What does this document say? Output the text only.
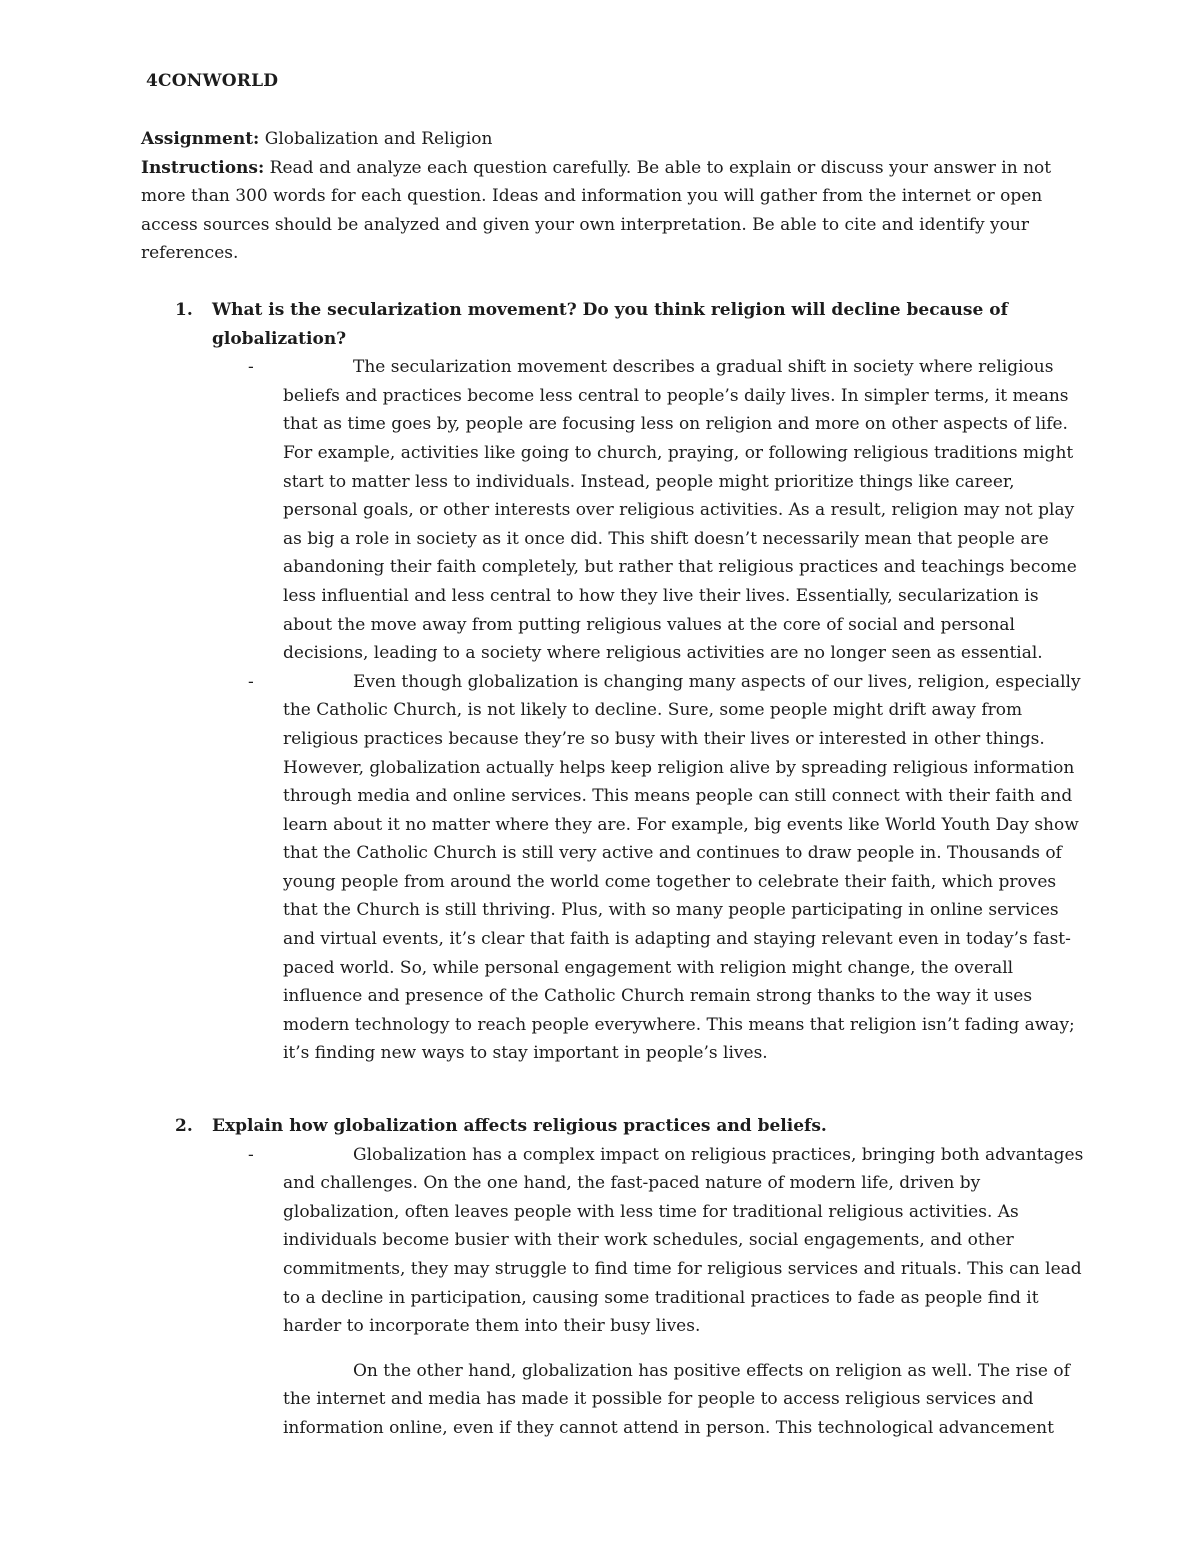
4CONWORLD

Assignment: Globalization and Religion

Instructions: Read and analyze each question carefully. Be able to explain or discuss your answer in not more than 300 words for each question. Ideas and information you will gather from the internet or open access sources should be analyzed and given your own interpretation. Be able to cite and identify your references.

1. What is the secularization movement? Do you think religion will decline because of globalization?
-	The secularization movement describes a gradual shift in society where religious beliefs and practices become less central to people’s daily lives. In simpler terms, it means that as time goes by, people are focusing less on religion and more on other aspects of life. For example, activities like going to church, praying, or following religious traditions might start to matter less to individuals. Instead, people might prioritize things like career, personal goals, or other interests over religious activities. As a result, religion may not play as big a role in society as it once did. This shift doesn’t necessarily mean that people are abandoning their faith completely, but rather that religious practices and teachings become less influential and less central to how they live their lives. Essentially, secularization is about the move away from putting religious values at the core of social and personal decisions, leading to a society where religious activities are no longer seen as essential.

-	Even though globalization is changing many aspects of our lives, religion, especially the Catholic Church, is not likely to decline. Sure, some people might drift away from religious practices because they’re so busy with their lives or interested in other things. However, globalization actually helps keep religion alive by spreading religious information through media and online services. This means people can still connect with their faith and learn about it no matter where they are. For example, big events like World Youth Day show that the Catholic Church is still very active and continues to draw people in. Thousands of young people from around the world come together to celebrate their faith, which proves that the Church is still thriving. Plus, with so many people participating in online services and virtual events, it’s clear that faith is adapting and staying relevant even in today’s fast-paced world. So, while personal engagement with religion might change, the overall influence and presence of the Catholic Church remain strong thanks to the way it uses modern technology to reach people everywhere. This means that religion isn’t fading away; it’s finding new ways to stay important in people’s lives.

2. Explain how globalization affects religious practices and beliefs.
-	Globalization has a complex impact on religious practices, bringing both advantages and challenges. On the one hand, the fast-paced nature of modern life, driven by globalization, often leaves people with less time for traditional religious activities. As individuals become busier with their work schedules, social engagements, and other commitments, they may struggle to find time for religious services and rituals. This can lead to a decline in participation, causing some traditional practices to fade as people find it harder to incorporate them into their busy lives.

On the other hand, globalization has positive effects on religion as well. The rise of the internet and media has made it possible for people to access religious services and information online, even if they cannot attend in person. This technological advancement
